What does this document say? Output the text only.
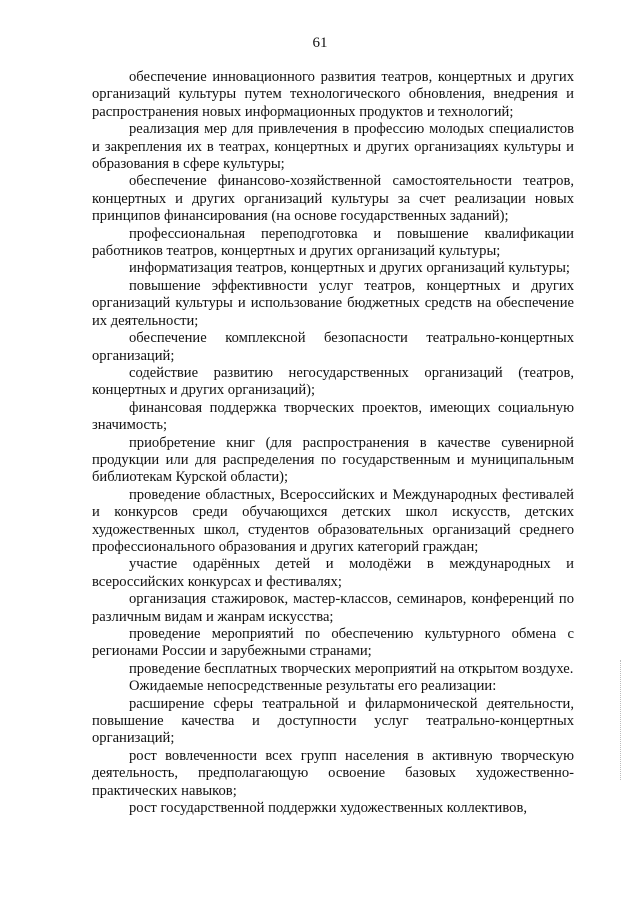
61

обеспечение инновационного развития театров, концертных и других организаций культуры путем технологического обновления, внедрения и распространения новых информационных продуктов и технологий;

реализация мер для привлечения в профессию молодых специалистов и закрепления их в театрах, концертных и других организациях культуры и образования в сфере культуры;

обеспечение финансово-хозяйственной самостоятельности театров, концертных и других организаций культуры за счет реализации новых принципов финансирования (на основе государственных заданий);

профессиональная переподготовка и повышение квалификации работников театров, концертных и других организаций культуры;

информатизация театров, концертных и других организаций культуры;

повышение эффективности услуг театров, концертных и других организаций культуры и использование бюджетных средств на обеспечение их деятельности;

обеспечение комплексной безопасности театрально-концертных организаций;

содействие развитию негосударственных организаций (театров, концертных и других организаций);

финансовая поддержка творческих проектов, имеющих социальную значимость;

приобретение книг (для распространения в качестве сувенирной продукции или для распределения по государственным и муниципальным библиотекам Курской области);

проведение областных, Всероссийских и Международных фестивалей и конкурсов среди обучающихся детских школ искусств, детских художественных школ, студентов образовательных организаций среднего профессионального образования и других категорий граждан;

участие одарённых детей и молодёжи в международных и всероссийских конкурсах и фестивалях;

организация стажировок, мастер-классов, семинаров, конференций по различным видам и жанрам искусства;

проведение мероприятий по обеспечению культурного обмена с регионами России и зарубежными странами;

проведение бесплатных творческих мероприятий на открытом воздухе.

Ожидаемые непосредственные результаты его реализации:

расширение сферы театральной и филармонической деятельности, повышение качества и доступности услуг театрально-концертных организаций;

рост вовлеченности всех групп населения в активную творческую деятельность, предполагающую освоение базовых художественно-практических навыков;

рост государственной поддержки художественных коллективов,
